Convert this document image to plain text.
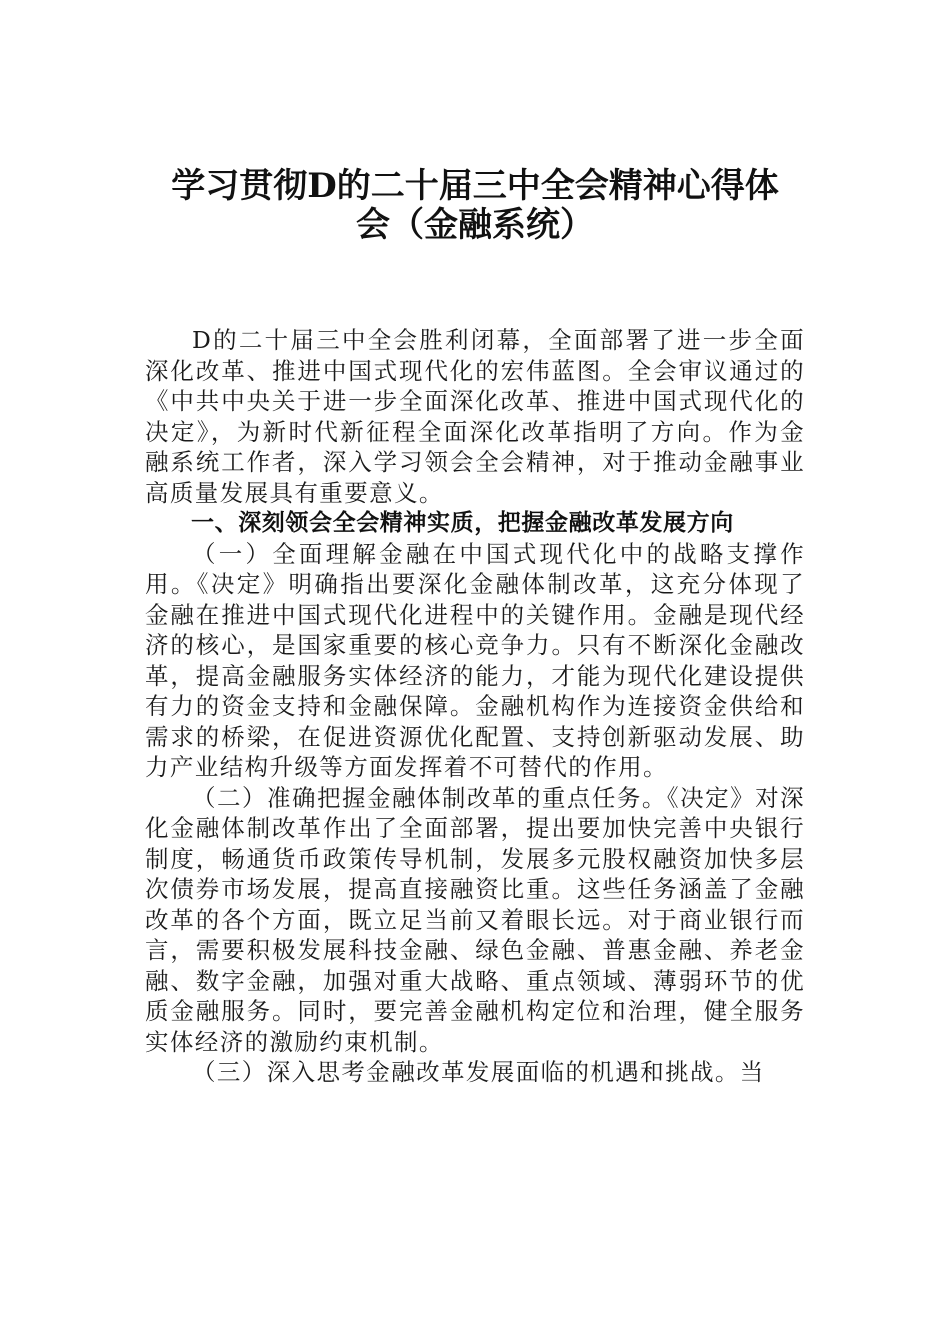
学习贯彻D的二十届三中全会精神心得体
会（金融系统）

D的二十届三中全会胜利闭幕，全面部署了进一步全面深化改革、推进中国式现代化的宏伟蓝图。全会审议通过的《中共中央关于进一步全面深化改革、推进中国式现代化的决定》，为新时代新征程全面深化改革指明了方向。作为金融系统工作者，深入学习领会全会精神，对于推动金融事业高质量发展具有重要意义。

一、深刻领会全会精神实质，把握金融改革发展方向

（一）全面理解金融在中国式现代化中的战略支撑作用。《决定》明确指出要深化金融体制改革，这充分体现了金融在推进中国式现代化进程中的关键作用。金融是现代经济的核心，是国家重要的核心竞争力。只有不断深化金融改革，提高金融服务实体经济的能力，才能为现代化建设提供有力的资金支持和金融保障。金融机构作为连接资金供给和需求的桥梁，在促进资源优化配置、支持创新驱动发展、助力产业结构升级等方面发挥着不可替代的作用。

（二）准确把握金融体制改革的重点任务。《决定》对深化金融体制改革作出了全面部署，提出要加快完善中央银行制度，畅通货币政策传导机制，发展多元股权融资加快多层次债券市场发展，提高直接融资比重。这些任务涵盖了金融改革的各个方面，既立足当前又着眼长远。对于商业银行而言，需要积极发展科技金融、绿色金融、普惠金融、养老金融、数字金融，加强对重大战略、重点领域、薄弱环节的优质金融服务。同时，要完善金融机构定位和治理，健全服务实体经济的激励约束机制。

（三）深入思考金融改革发展面临的机遇和挑战。当
